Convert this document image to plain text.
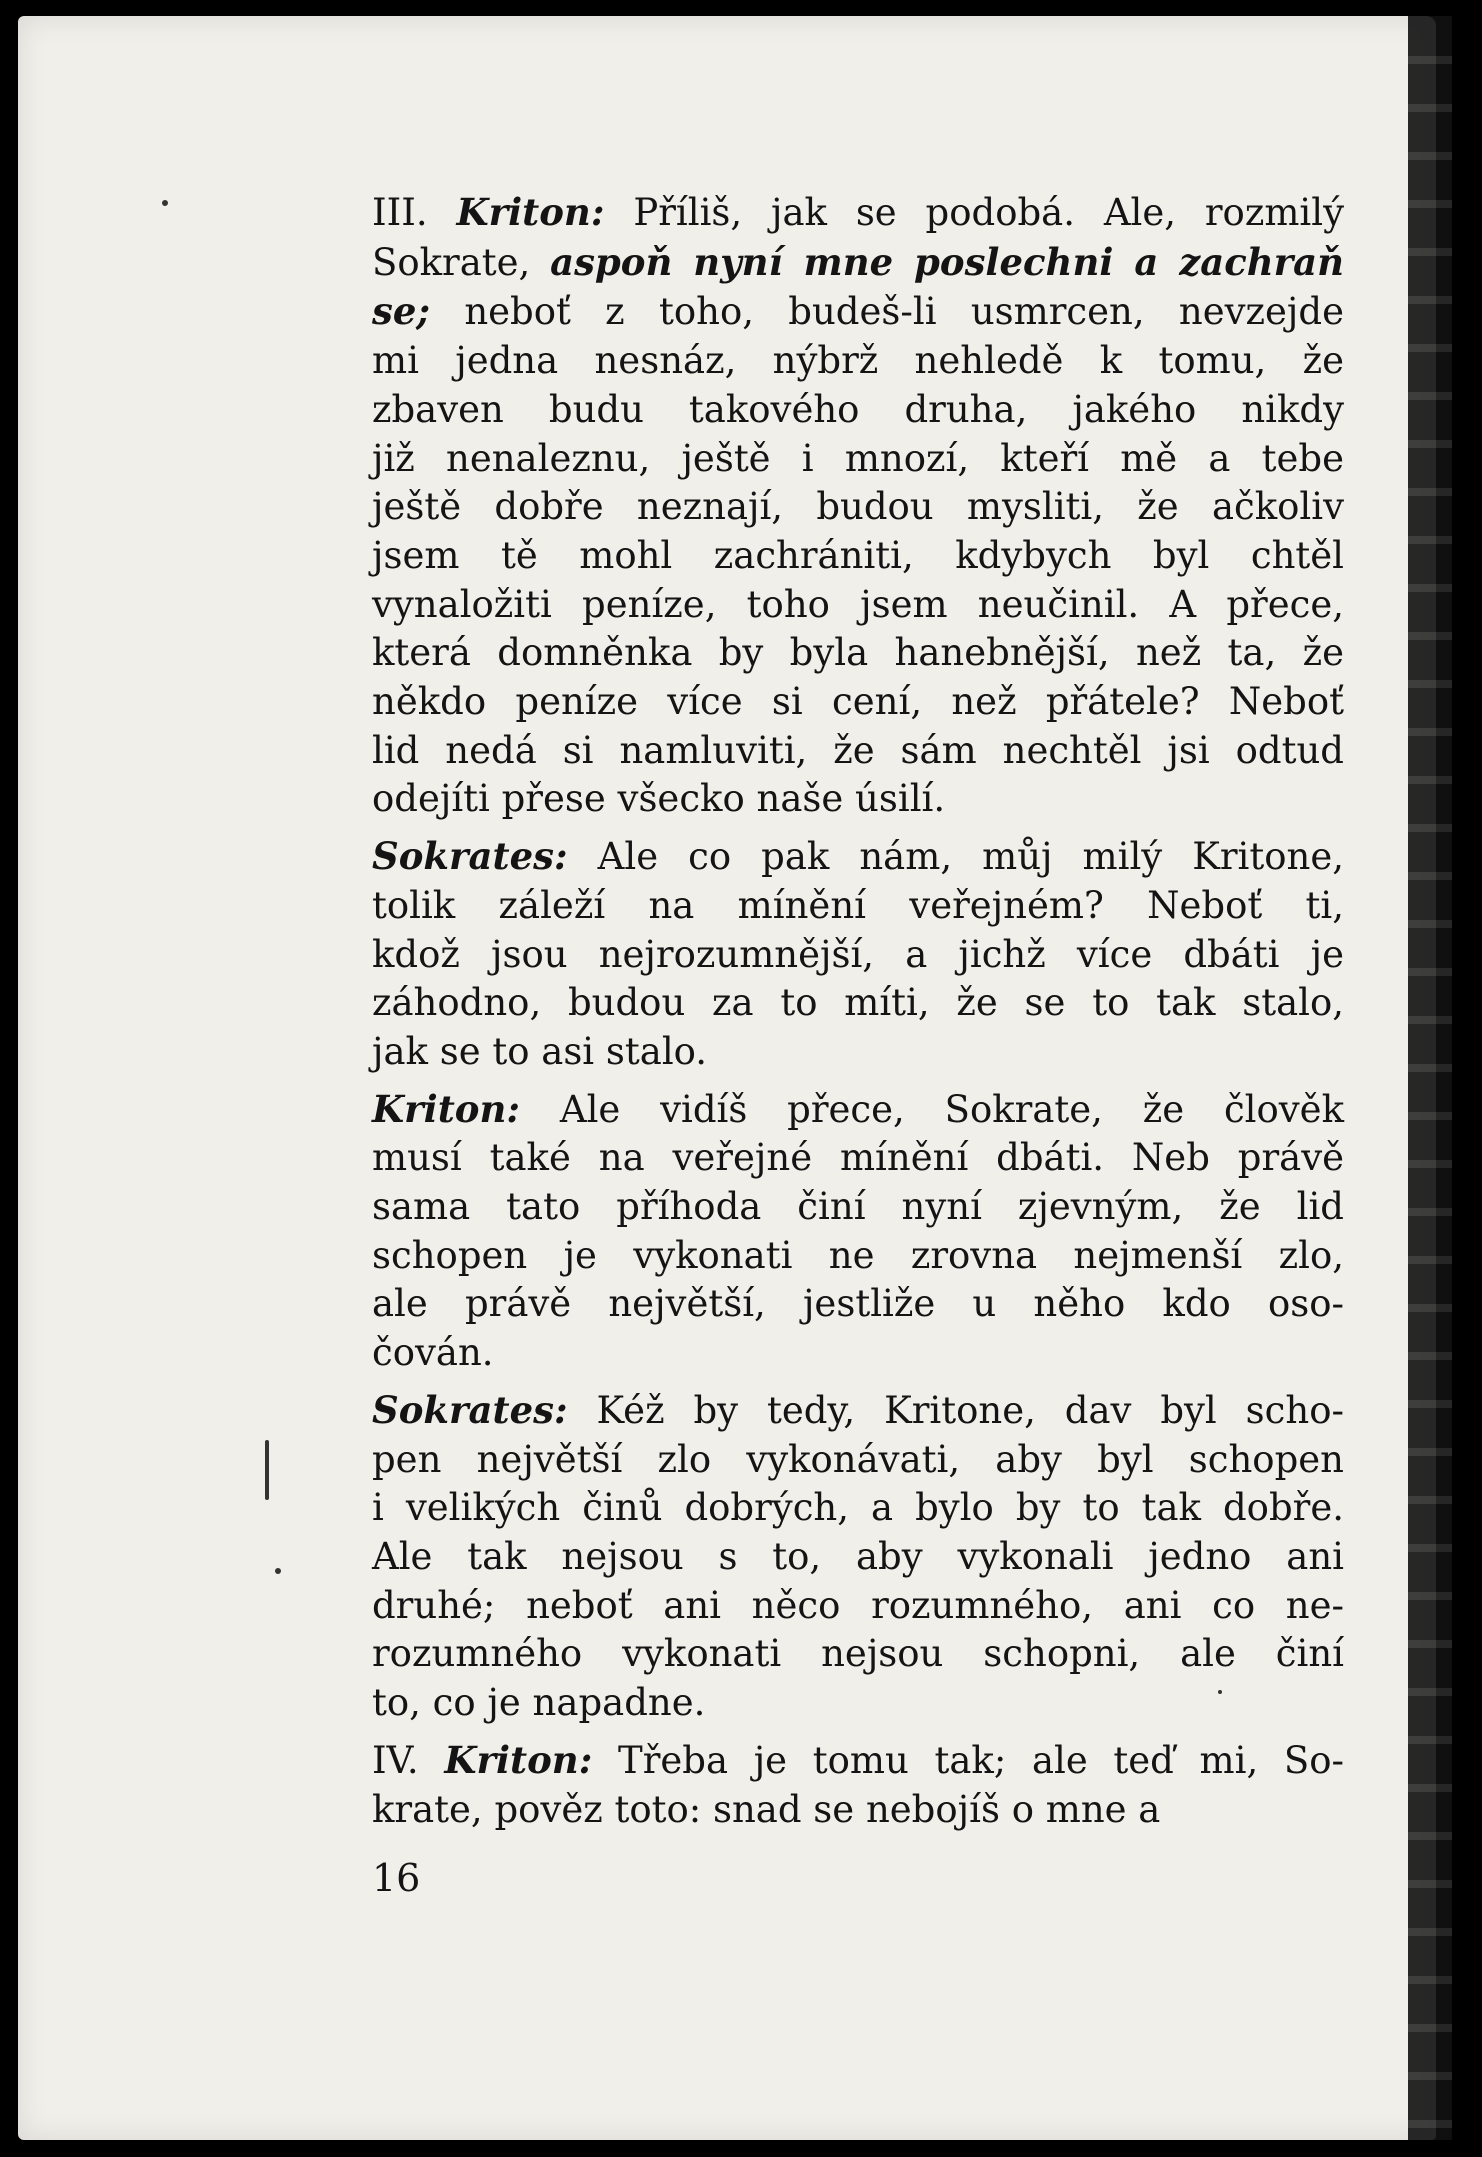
III. Kriton: Příliš, jak se podobá. Ale, rozmilý
Sokrate, aspoň nyní mne poslechni a zachraň
se; neboť z toho, budeš-li usmrcen, nevzejde
mi jedna nesnáz, nýbrž nehledě k tomu, že
zbaven budu takového druha, jakého nikdy
již nenaleznu, ještě i mnozí, kteří mě a tebe
ještě dobře neznají, budou mysliti, že ačkoliv
jsem tě mohl zachrániti, kdybych byl chtěl
vynaložiti peníze, toho jsem neučinil. A přece,
která domněnka by byla hanebnější, než ta, že
někdo peníze více si cení, než přátele? Neboť
lid nedá si namluviti, že sám nechtěl jsi odtud
odejíti přese všecko naše úsilí.
Sokrates: Ale co pak nám, můj milý Kritone,
tolik záleží na mínění veřejném? Neboť ti,
kdož jsou nejrozumnější, a jichž více dbáti je
záhodno, budou za to míti, že se to tak stalo,
jak se to asi stalo.
Kriton: Ale vidíš přece, Sokrate, že člověk
musí také na veřejné mínění dbáti. Neb právě
sama tato příhoda činí nyní zjevným, že lid
schopen je vykonati ne zrovna nejmenší zlo,
ale právě největší, jestliže u něho kdo oso-
čován.
Sokrates: Kéž by tedy, Kritone, dav byl scho-
pen největší zlo vykonávati, aby byl schopen
i velikých činů dobrých, a bylo by to tak dobře.
Ale tak nejsou s to, aby vykonali jedno ani
druhé; neboť ani něco rozumného, ani co ne-
rozumného vykonati nejsou schopni, ale činí
to, co je napadne.
IV. Kriton: Třeba je tomu tak; ale teď mi, So-
krate, pověz toto: snad se nebojíš o mne a
16
